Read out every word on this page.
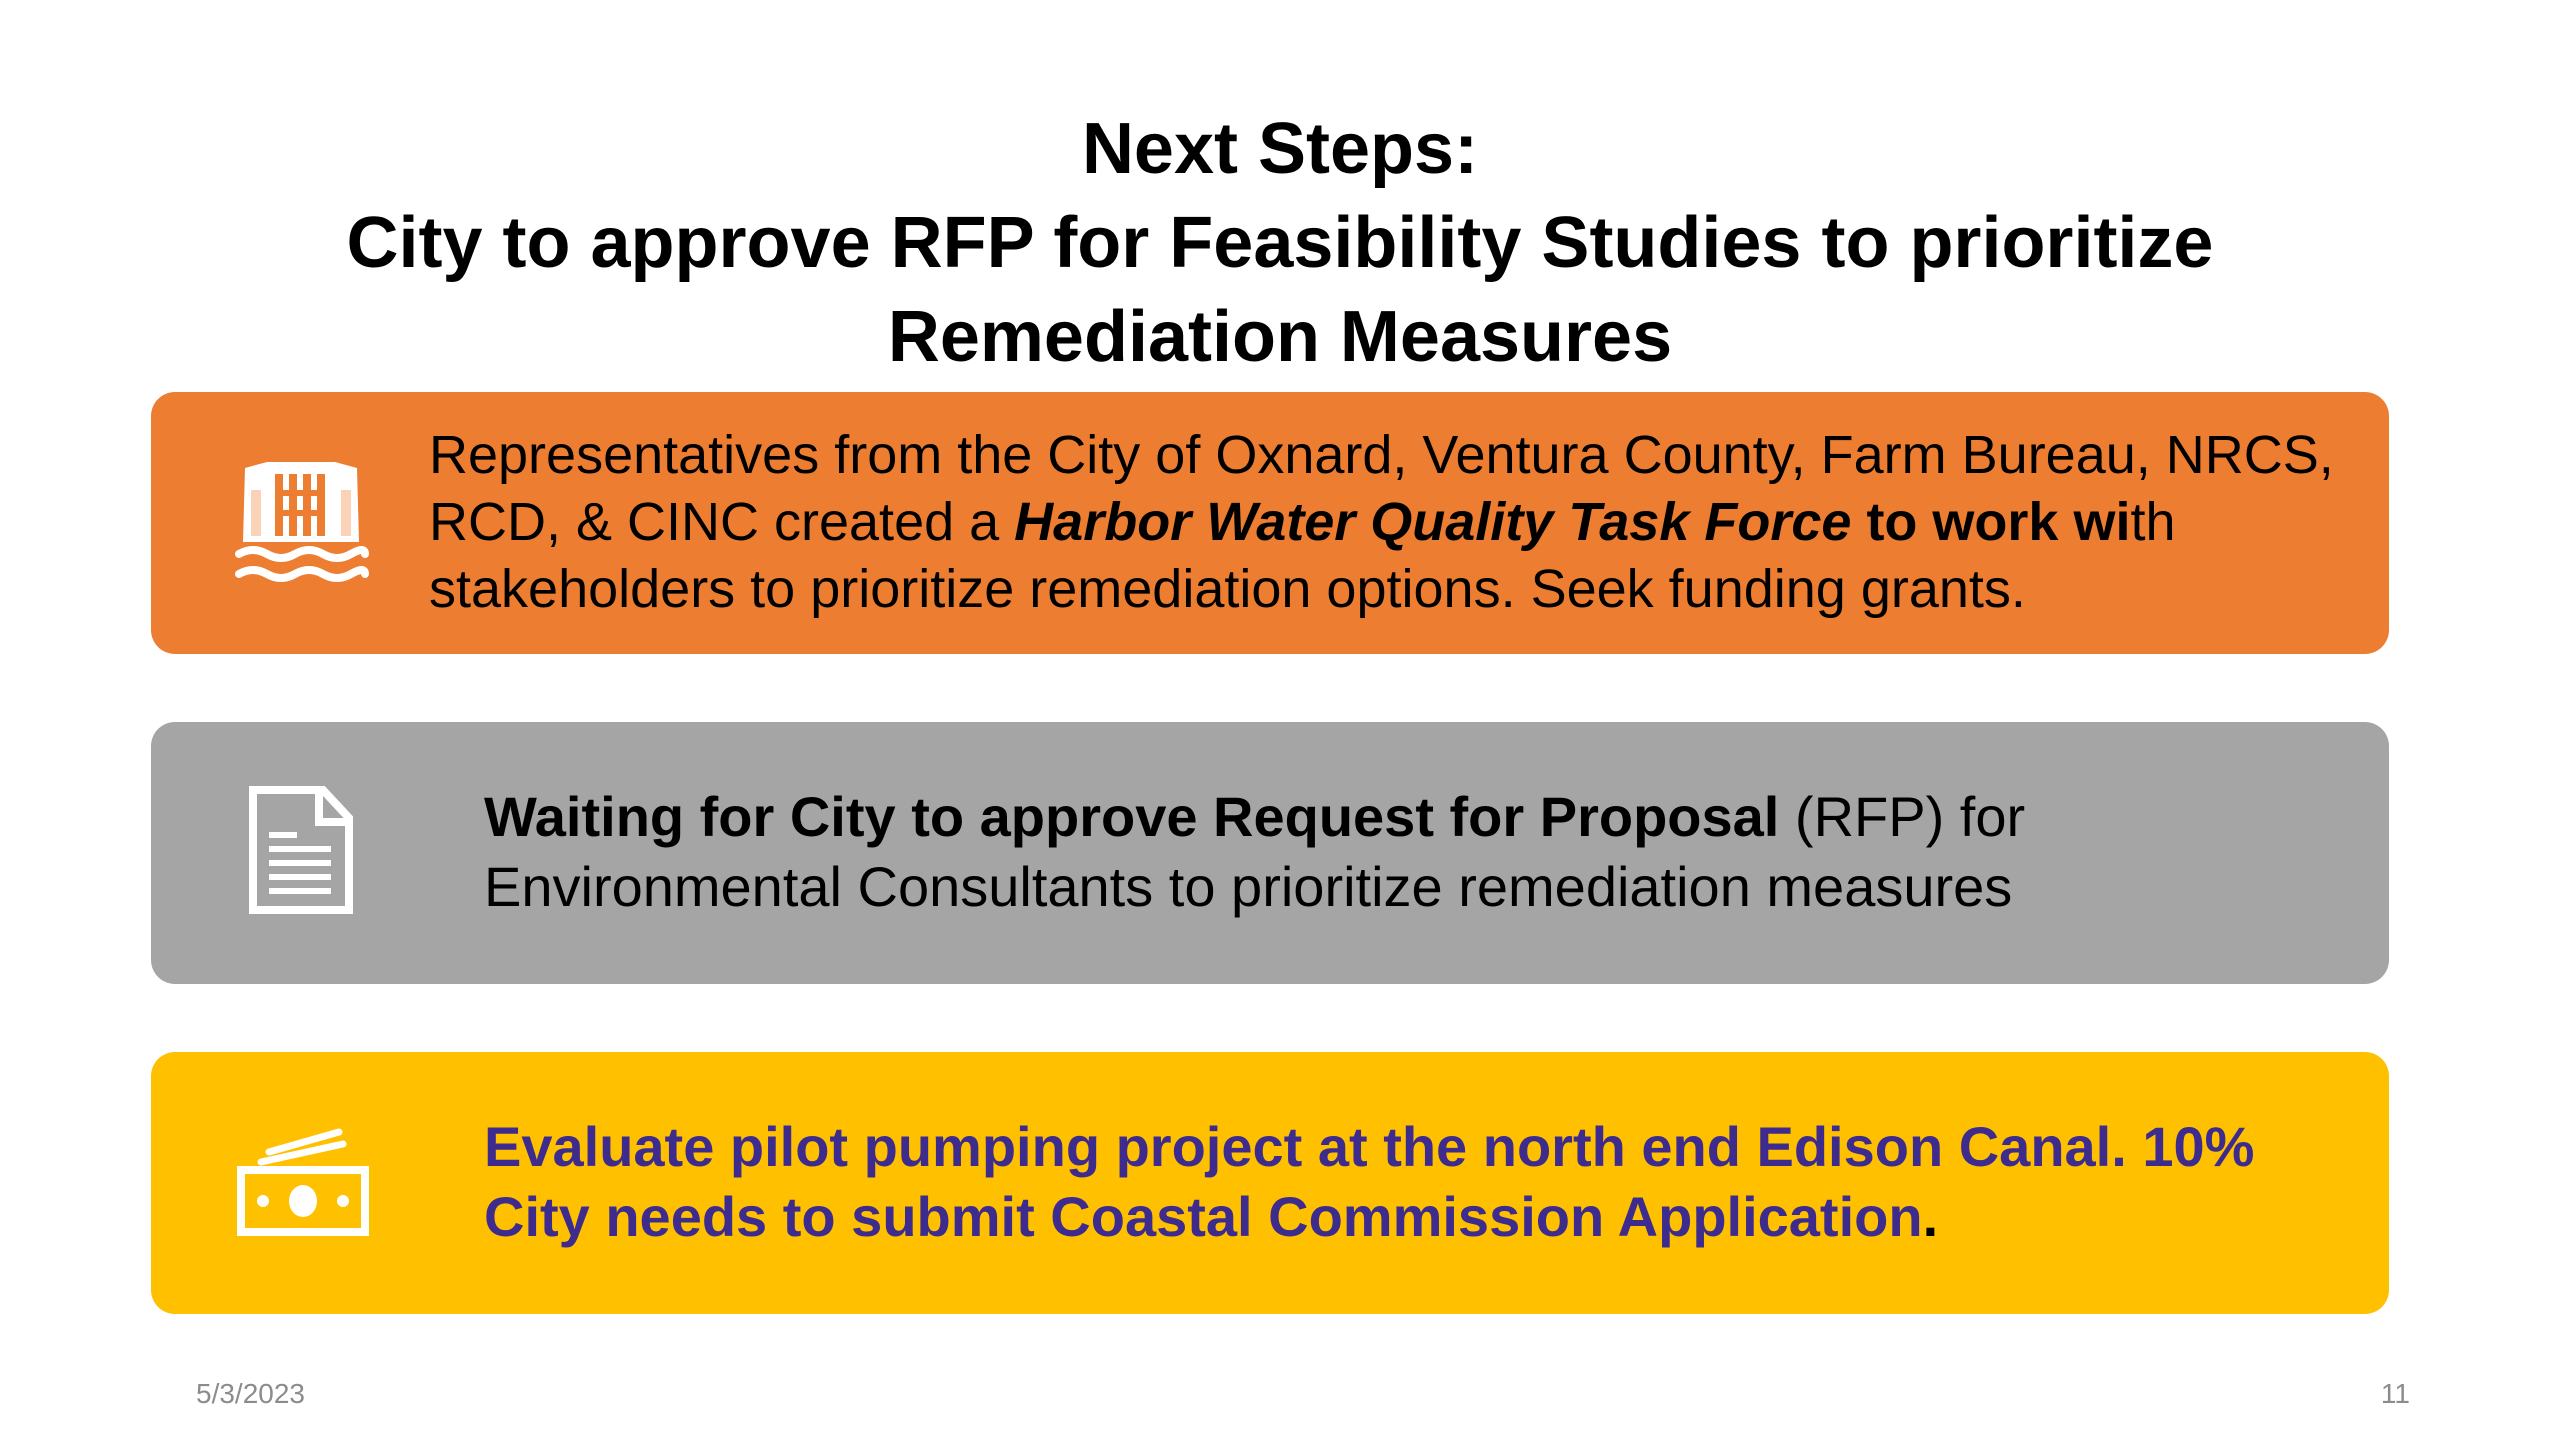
Next Steps:
City to approve RFP for Feasibility Studies to prioritize
Remediation Measures
Representatives from the City of Oxnard, Ventura County, Farm Bureau, NRCS,
RCD, & CINC created a Harbor Water Quality Task Force to work with
stakeholders to prioritize remediation options. Seek funding grants.
Waiting for City to approve Request for Proposal (RFP) for
Environmental Consultants to prioritize remediation measures
Evaluate pilot pumping project at the north end Edison Canal. 10%
City needs to submit Coastal Commission Application.
5/3/2023	11
